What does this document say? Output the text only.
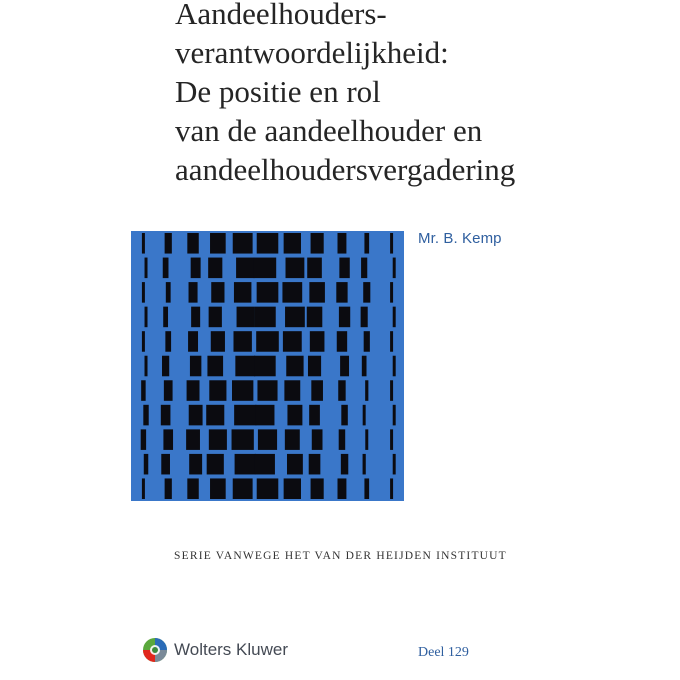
Aandeelhouders-
verantwoordelijkheid:
De positie en rol
van de aandeelhouder en
aandeelhoudersvergadering
Mr. B. Kemp
SERIE VANWEGE HET VAN DER HEIJDEN INSTITUUT
Wolters Kluwer	Deel 129
